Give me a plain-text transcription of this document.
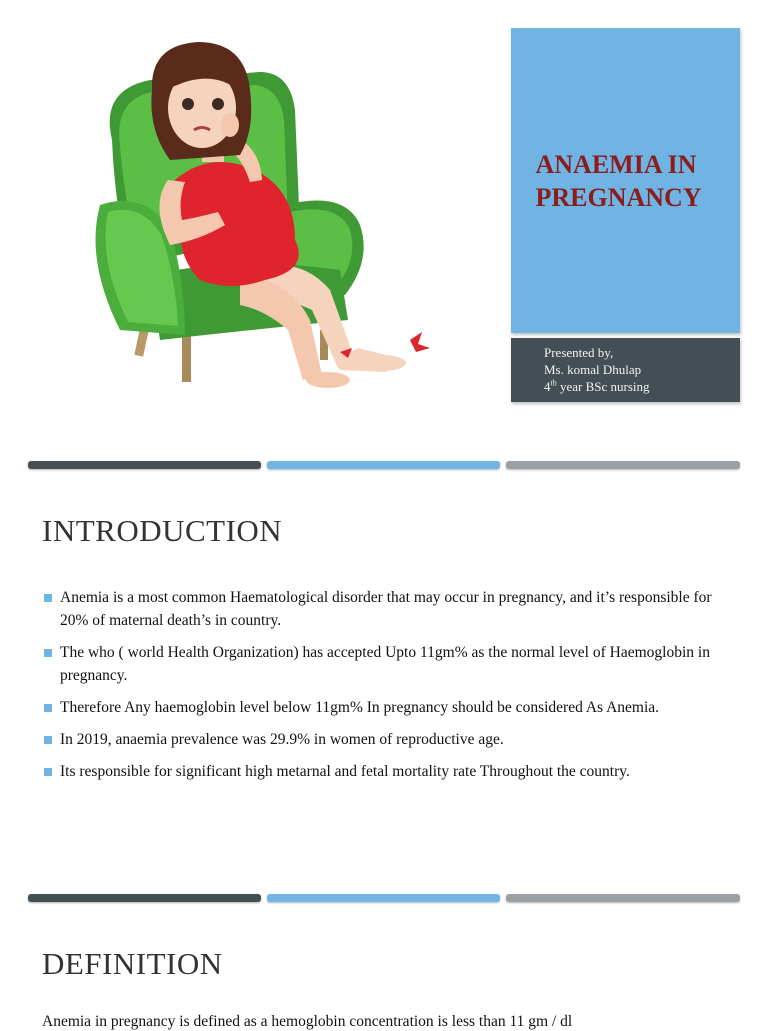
ANAEMIA IN PREGNANCY
Presented by,
Ms. komal Dhulap
4th year BSc nursing
INTRODUCTION
Anemia is a most common Haematological disorder that may occur in pregnancy, and it’s responsible for 20% of maternal death’s in country.
The who ( world Health Organization) has accepted Upto 11gm% as the normal level of Haemoglobin in pregnancy.
Therefore Any haemoglobin level below 11gm% In pregnancy should be considered As Anemia.
In 2019, anaemia prevalence was 29.9% in women of reproductive age.
Its responsible for significant high metarnal and fetal mortality rate Throughout the country.
DEFINITION
Anemia in pregnancy is defined as a hemoglobin concentration is less than 11 gm / dl
